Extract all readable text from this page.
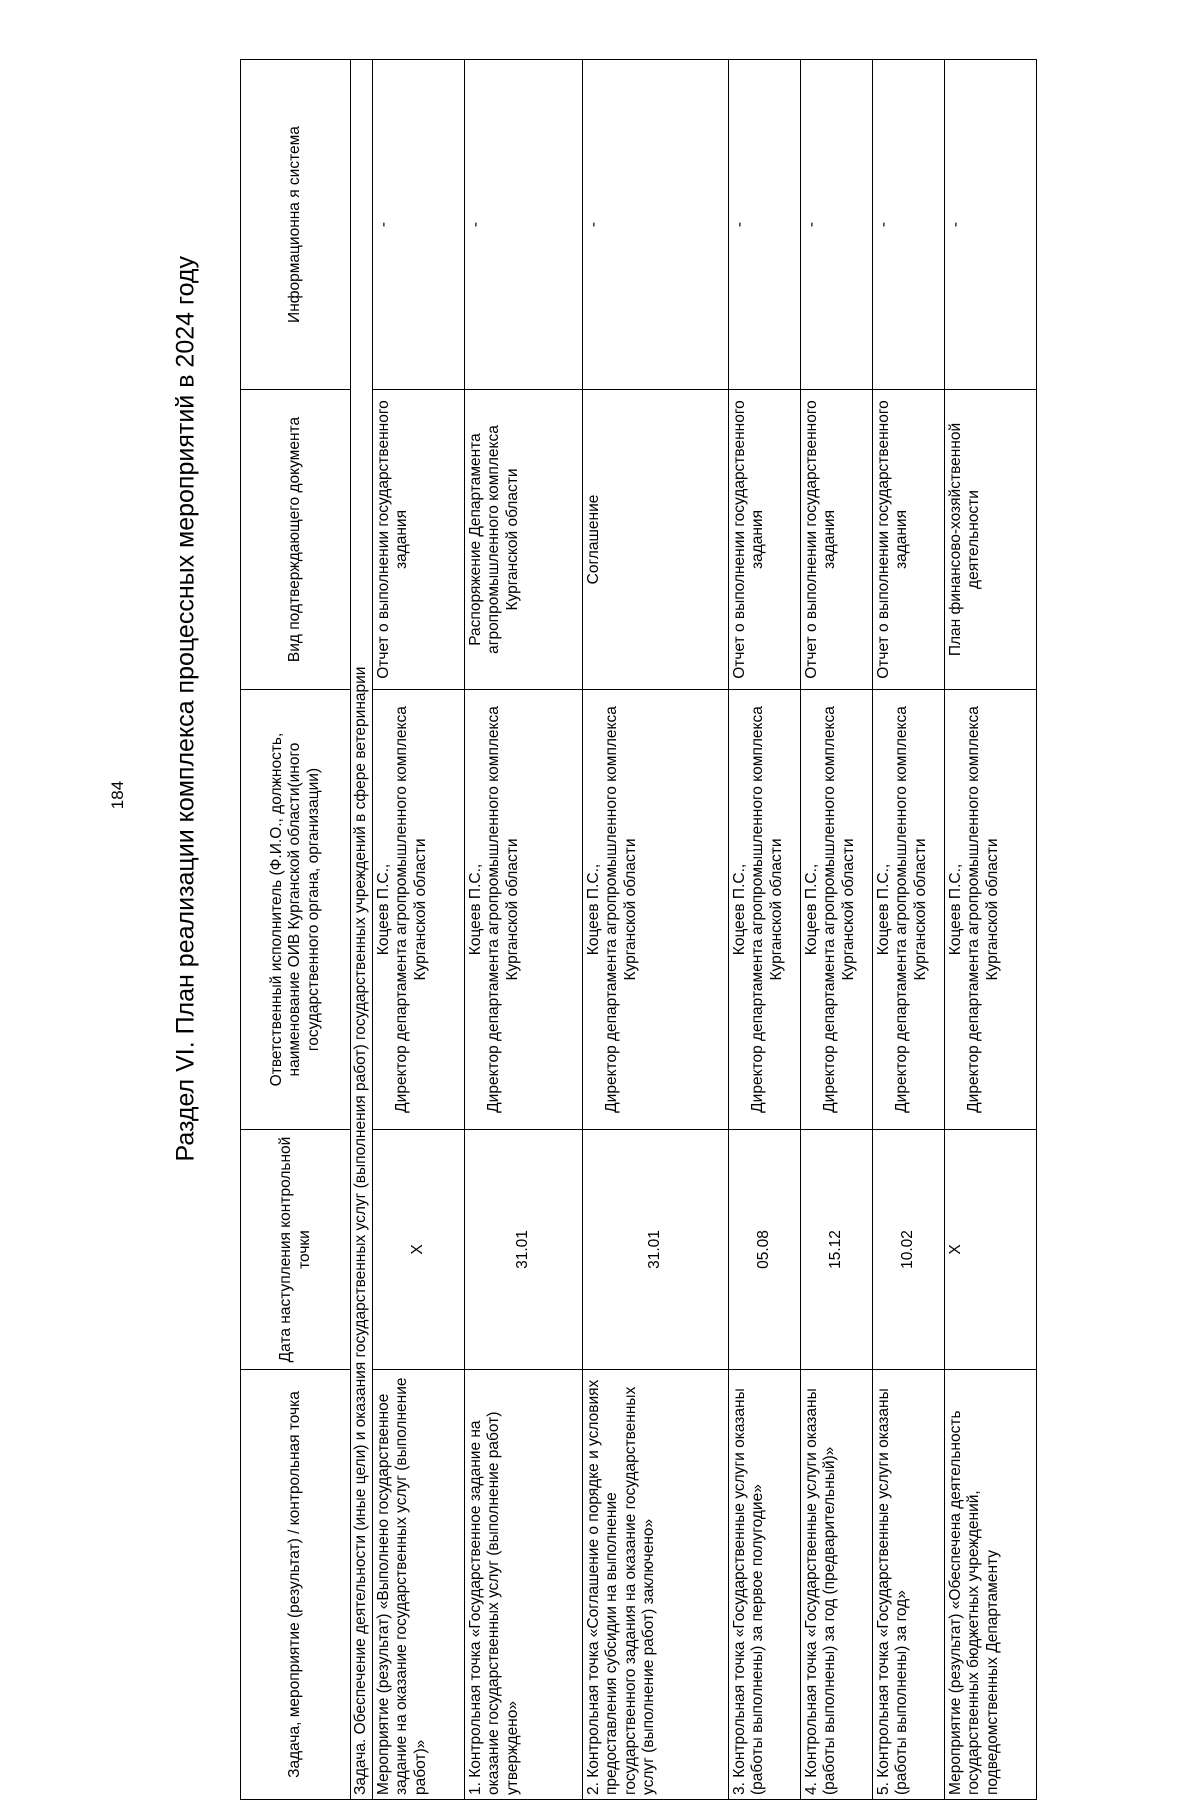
184 Раздел VI. План реализации комплекса процессных мероприятий в 2024 году
Задача, мероприятие (результат) / контрольная точка	Дата наступления контрольной точки	Ответственный исполнитель (Ф.И.О., должность, наименование ОИВ Курганской области(иного государственного органа, организации)	Вид подтверждающего документа	Информационна я система
Задача. Обеспечение деятельности (иные цели) и оказания государственных услуг (выполнения работ) государственных учреждений в сфере ветеринарии				
Мероприятие (результат) «Выполнено государственное задание на оказание государственных услуг (выполнение работ)»	X	Коцеев П.С., Директор департамента агропромышленного комплекса Курганской области	Отчет о выполнении государственного задания	-
1. Контрольная точка «Государственное задание на оказание государственных услуг (выполнение работ) утверждено»	31.01	Коцеев П.С., Директор департамента агропромышленного комплекса Курганской области	Распоряжение Департамента агропромышленного комплекса Курганской области	-
2. Контрольная точка «Соглашение о порядке и условиях предоставления субсидии на выполнение государственного задания на оказание государственных услуг (выполнение работ) заключено»	31.01	Коцеев П.С., Директор департамента агропромышленного комплекса Курганской области	Соглашение	-
3. Контрольная точка «Государственные услуги оказаны (работы выполнены) за первое полугодие»	05.08	Коцеев П.С., Директор департамента агропромышленного комплекса Курганской области	Отчет о выполнении государственного задания	-
4. Контрольная точка «Государственные услуги оказаны (работы выполнены) за год (предварительный)»	15.12	Коцеев П.С., Директор департамента агропромышленного комплекса Курганской области	Отчет о выполнении государственного задания	-
5. Контрольная точка «Государственные услуги оказаны (работы выполнены) за год»	10.02	Коцеев П.С., Директор департамента агропромышленного комплекса Курганской области	Отчет о выполнении государственного задания	-
Мероприятие (результат) «Обеспечена деятельность государственных бюджетных учреждений, подведомственных Департаменту	X	Коцеев П.С., Директор департамента агропромышленного комплекса Курганской области	План финансово-хозяйственной деятельности	-
